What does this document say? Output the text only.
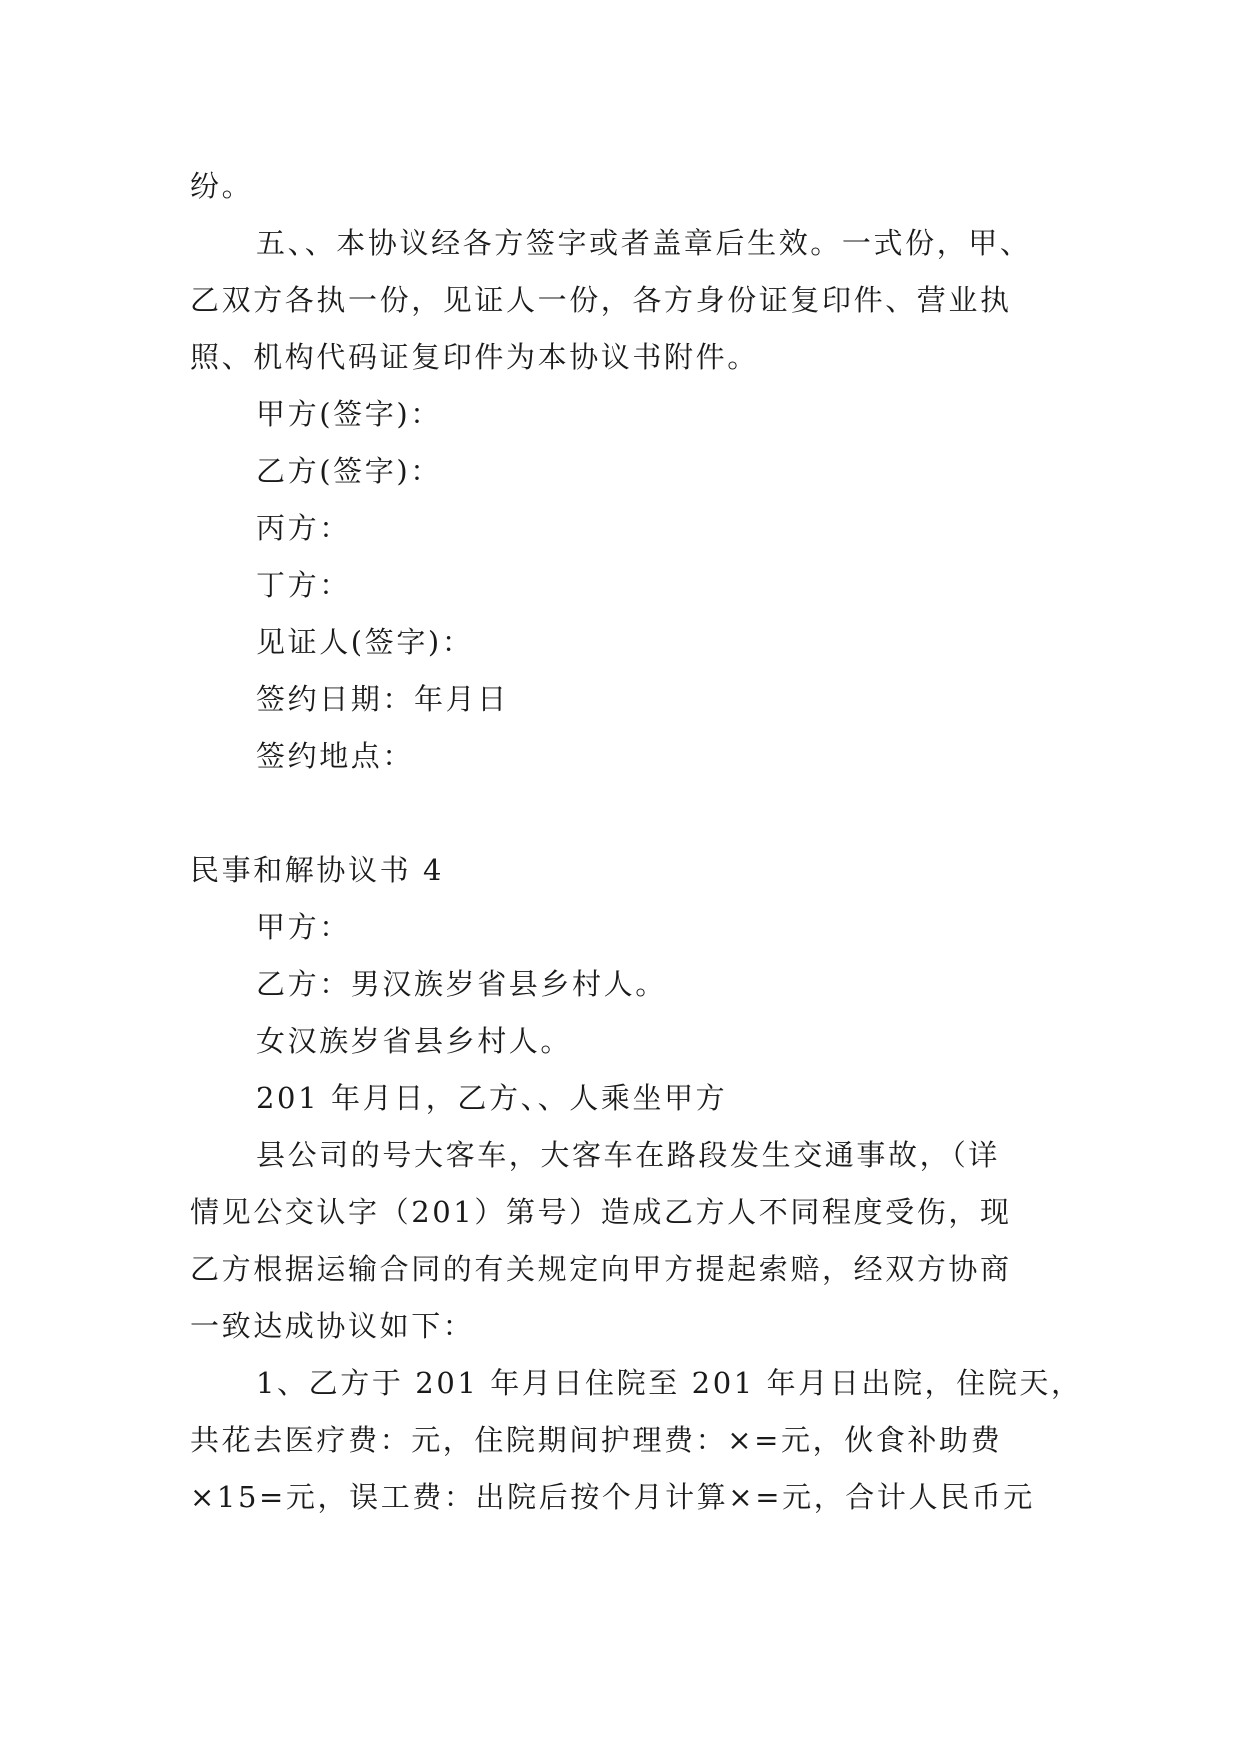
纷。
五、、本协议经各方签字或者盖章后生效。一式份，甲、
乙双方各执一份，见证人一份，各方身份证复印件、营业执
照、机构代码证复印件为本协议书附件。
甲方(签字)：
乙方(签字)：
丙方：
丁方：
见证人(签字)：
签约日期：年月日
签约地点：
民事和解协议书 4
甲方：
乙方：男汉族岁省县乡村人。
女汉族岁省县乡村人。
201 年月日，乙方、、人乘坐甲方
县公司的号大客车，大客车在路段发生交通事故，（详
情见公交认字（201）第号）造成乙方人不同程度受伤，现
乙方根据运输合同的有关规定向甲方提起索赔，经双方协商
一致达成协议如下：
1、乙方于 201 年月日住院至 201 年月日出院，住院天，
共花去医疗费：元，住院期间护理费：×=元，伙食补助费
×15=元，误工费：出院后按个月计算×=元，合计人民币元
